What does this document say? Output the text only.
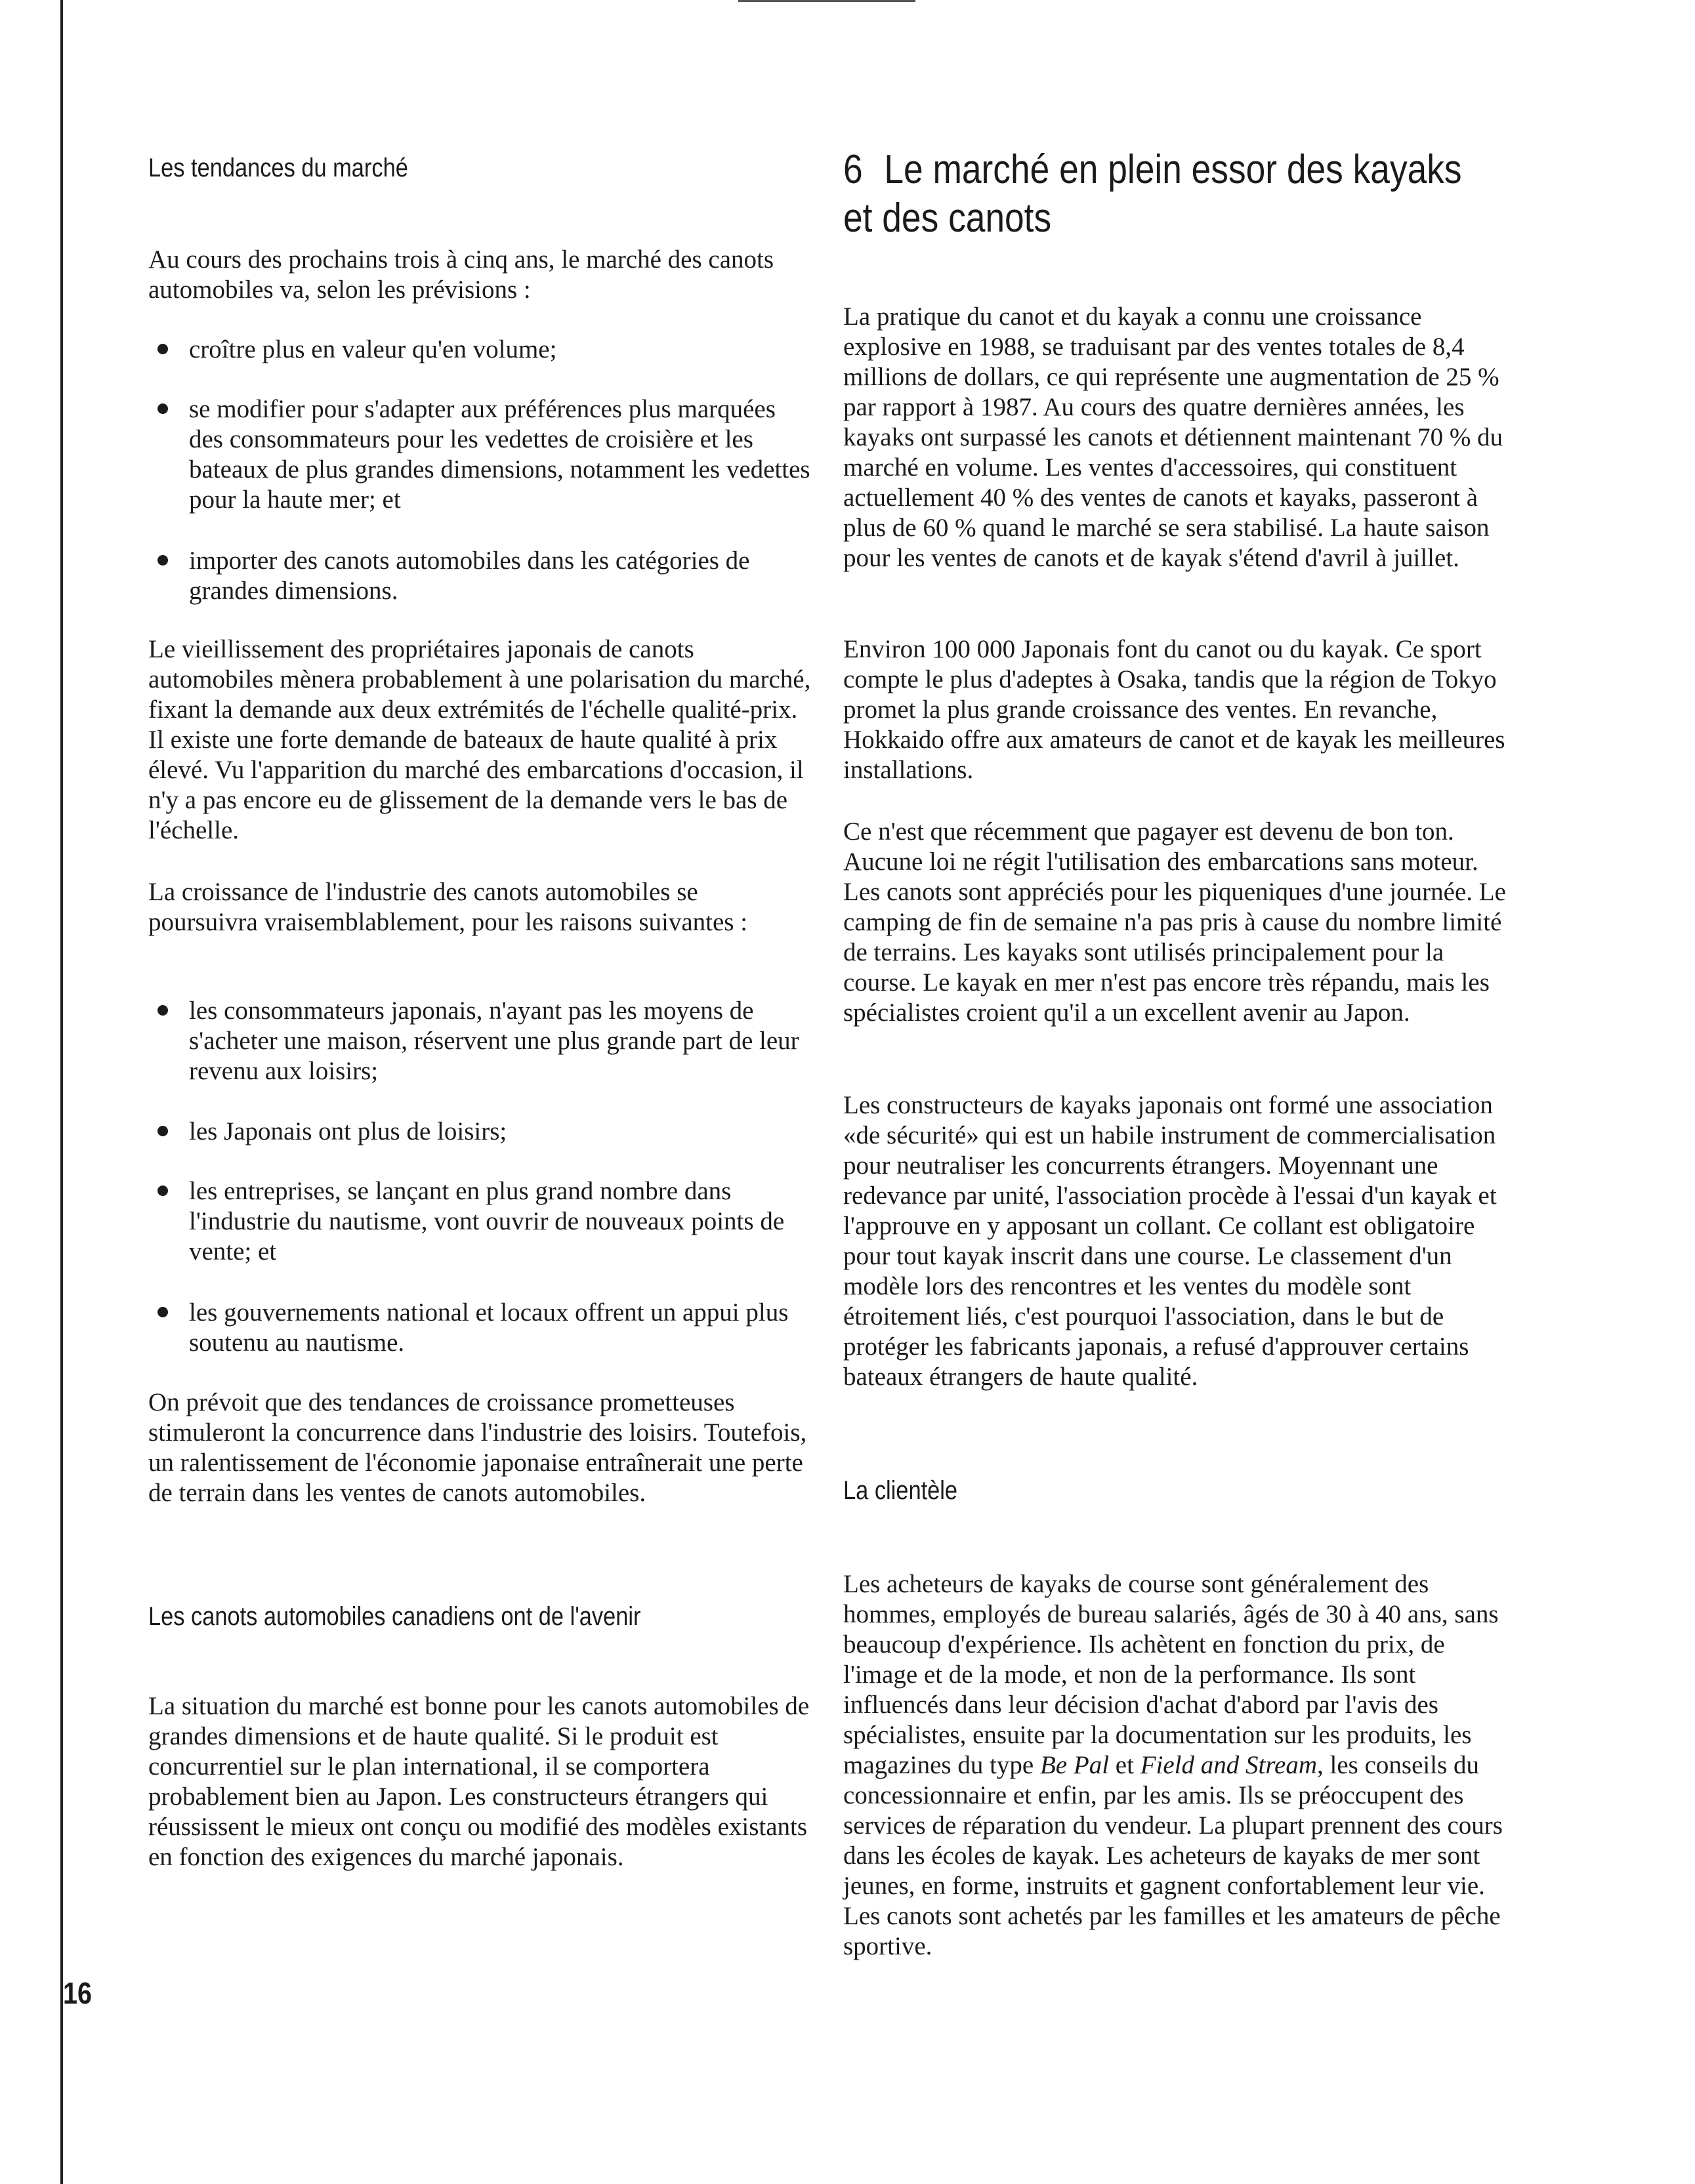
Les tendances du marché

Au cours des prochains trois à cinq ans, le marché des canots automobiles va, selon les prévisions :

croître plus en valeur qu'en volume;
se modifier pour s'adapter aux préférences plus marquées des consommateurs pour les vedettes de croisière et les bateaux de plus grandes dimensions, notamment les vedettes pour la haute mer; et
importer des canots automobiles dans les catégories de grandes dimensions.

Le vieillissement des propriétaires japonais de canots automobiles mènera probablement à une polarisation du marché, fixant la demande aux deux extrémités de l'échelle qualité-prix. Il existe une forte demande de bateaux de haute qualité à prix élevé. Vu l'apparition du marché des embarcations d'occasion, il n'y a pas encore eu de glissement de la demande vers le bas de l'échelle.

La croissance de l'industrie des canots automobiles se poursuivra vraisemblablement, pour les raisons suivantes :

les consommateurs japonais, n'ayant pas les moyens de s'acheter une maison, réservent une plus grande part de leur revenu aux loisirs;
les Japonais ont plus de loisirs;
les entreprises, se lançant en plus grand nombre dans l'industrie du nautisme, vont ouvrir de nouveaux points de vente; et
les gouvernements national et locaux offrent un appui plus soutenu au nautisme.

On prévoit que des tendances de croissance prometteuses stimuleront la concurrence dans l'industrie des loisirs. Toutefois, un ralentissement de l'économie japonaise entraînerait une perte de terrain dans les ventes de canots automobiles.

Les canots automobiles canadiens ont de l'avenir

La situation du marché est bonne pour les canots automobiles de grandes dimensions et de haute qualité. Si le produit est concurrentiel sur le plan international, il se comportera probablement bien au Japon. Les constructeurs étrangers qui réussissent le mieux ont conçu ou modifié des modèles existants en fonction des exigences du marché japonais.

6 Le marché en plein essor des kayaks et des canots

La pratique du canot et du kayak a connu une croissance explosive en 1988, se traduisant par des ventes totales de 8,4 millions de dollars, ce qui représente une augmentation de 25 % par rapport à 1987. Au cours des quatre dernières années, les kayaks ont surpassé les canots et détiennent maintenant 70 % du marché en volume. Les ventes d'accessoires, qui constituent actuellement 40 % des ventes de canots et kayaks, passeront à plus de 60 % quand le marché se sera stabilisé. La haute saison pour les ventes de canots et de kayak s'étend d'avril à juillet.

Environ 100 000 Japonais font du canot ou du kayak. Ce sport compte le plus d'adeptes à Osaka, tandis que la région de Tokyo promet la plus grande croissance des ventes. En revanche, Hokkaido offre aux amateurs de canot et de kayak les meilleures installations.

Ce n'est que récemment que pagayer est devenu de bon ton. Aucune loi ne régit l'utilisation des embarcations sans moteur. Les canots sont appréciés pour les piqueniques d'une journée. Le camping de fin de semaine n'a pas pris à cause du nombre limité de terrains. Les kayaks sont utilisés principalement pour la course. Le kayak en mer n'est pas encore très répandu, mais les spécialistes croient qu'il a un excellent avenir au Japon.

Les constructeurs de kayaks japonais ont formé une association «de sécurité» qui est un habile instrument de commercialisation pour neutraliser les concurrents étrangers. Moyennant une redevance par unité, l'association procède à l'essai d'un kayak et l'approuve en y apposant un collant. Ce collant est obligatoire pour tout kayak inscrit dans une course. Le classement d'un modèle lors des rencontres et les ventes du modèle sont étroitement liés, c'est pourquoi l'association, dans le but de protéger les fabricants japonais, a refusé d'approuver certains bateaux étrangers de haute qualité.

La clientèle

Les acheteurs de kayaks de course sont généralement des hommes, employés de bureau salariés, âgés de 30 à 40 ans, sans beaucoup d'expérience. Ils achètent en fonction du prix, de l'image et de la mode, et non de la performance. Ils sont influencés dans leur décision d'achat d'abord par l'avis des spécialistes, ensuite par la documentation sur les produits, les magazines du type Be Pal et Field and Stream, les conseils du concessionnaire et enfin, par les amis. Ils se préoccupent des services de réparation du vendeur. La plupart prennent des cours dans les écoles de kayak. Les acheteurs de kayaks de mer sont jeunes, en forme, instruits et gagnent confortablement leur vie. Les canots sont achetés par les familles et les amateurs de pêche sportive.

16
